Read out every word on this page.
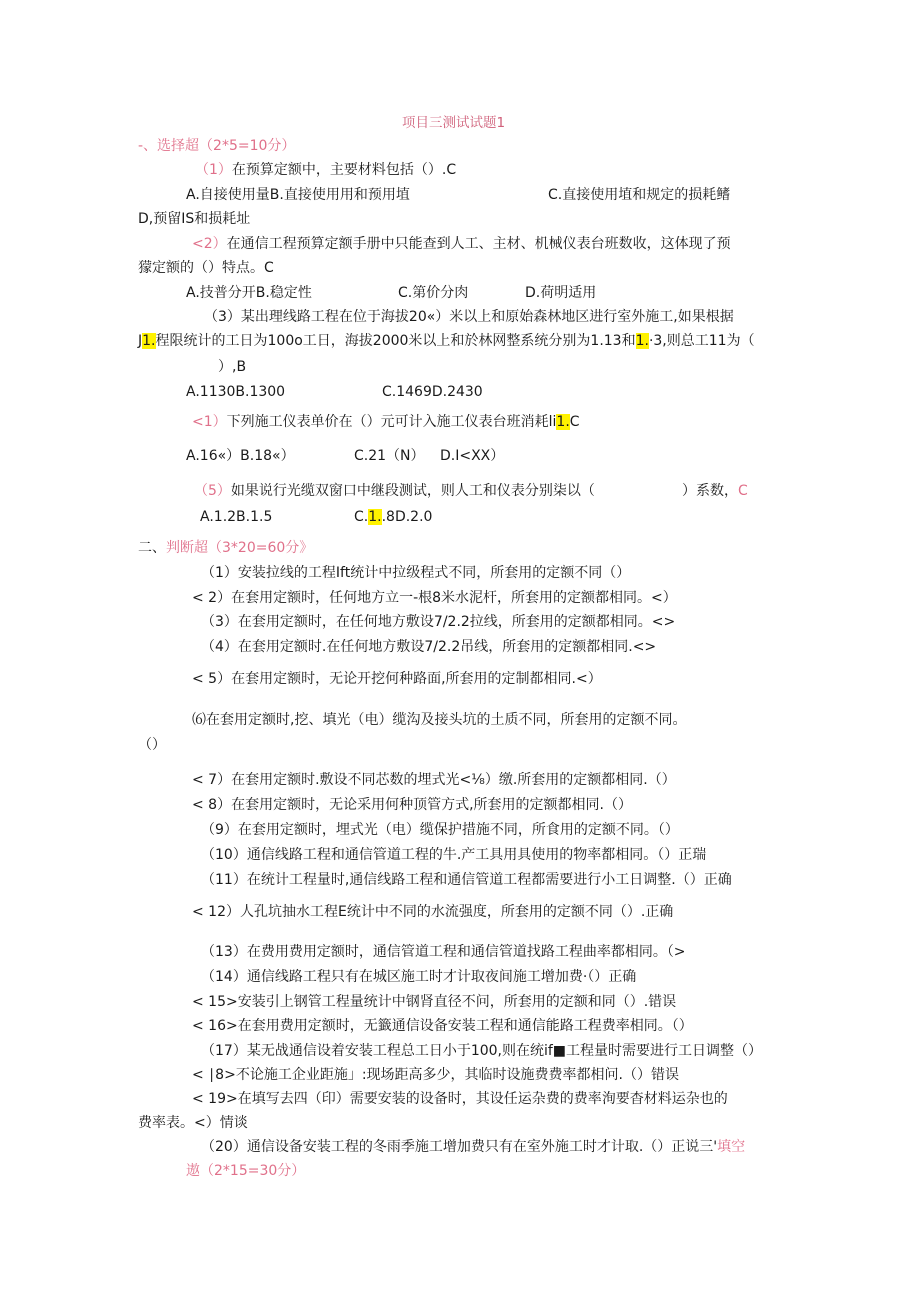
项目三测试试题1
-、选择超（2*5=10分）
（1）在预算定额中，主要材料包括（）.C
A.自接使用量B.直接使用用和预用埴	C.直接使用埴和规定的损耗鳍
D,预留IS和损耗址
<2）在通信工程预算定额手册中只能查到人工、主材、机械仪表台班数收，这体现了预
獴定额的（）特点。C
A.技普分开B.稳定性	C.第价分肉	D.荷明适用
（3）某出理线路工程在位于海拔20«）米以上和原始森林地区进行室外施工,如果根据
J1.程限统计的工日为100o工日，海拔2000米以上和於林网整系统分别为1.13和1.·3,则总工11为（
）,B
A.1130B.1300	C.1469D.2430
<1）下列施工仪表单价在（）元可计入施工仪表台班消耗li1.C
A.16«）B.18«）	C.21（N） D.I<XX）
（5）如果说行光缆双窗口中继段测试，则人工和仪表分别柒以（	）系数，C
A.1.2B.1.5	C.1..8D.2.0
二、判断超（3*20=60分》
（1）安装拉线的工程Ift统计中拉级程式不同，所套用的定额不同（）
< 2）在套用定额时，任何地方立一-根8米水泥杆，所套用的定额都相同。<）
（3）在套用定额时，在任何地方敷设7/2.2拉线，所套用的定额都相同。<>
（4）在套用定额时.在任何地方敷设7/2.2吊线，所套用的定额都相同.<>
< 5）在套用定额时，无论开挖何种路面,所套用的定制都相同.<）
⑹在套用定额时,挖、填光（电）缆沟及接头坑的土质不同，所套用的定额不同。
（）
< 7）在套用定额时.敷设不同芯数的埋式光<⅛）缴.所套用的定额都相同.（）
< 8）在套用定额时，无论采用何种顶管方式,所套用的定额都相同.（）
（9）在套用定额时，埋式光（电）缆保护措施不同，所食用的定额不同。（）
（10）通信线路工程和通信管道工程的牛.产工具用具使用的物率都相同。（）正瑞
（11）在统计工程量时,通信线路工程和通信管道工程都需要进行小工日调整.（）正确
< 12）人孔坑抽水工程E统计中不同的水流强度，所套用的定额不同（）.正确
（13）在费用费用定额时，通信管道工程和通信管道找路工程曲率都相同。（>
（14）通信线路工程只有在城区施工时才计取夜间施工增加费·（）正确
< 15>安装引上钢管工程量统计中钢肾直径不问，所套用的定额和同（）.错误
< 16>在套用费用定额时，无籤通信设备安装工程和通信能路工程费率相同。（）
（17）某无战通信设着安装工程总工日小于100,则在统if■工程量时需要进行工日调整（）
< ∣8>不论施工企业距施」:现场距高多少，其临时设施费费率都相问.（）错误
< 19>在填写去四（印）需要安装的设备时，其设任运杂费的费率洵要杳材料运杂也的
费率表。<）情谈
（20）通信设备安装工程的冬雨季施工增加费只有在室外施工时才计取.（）正说三'填空
遨（2*15=30分）
